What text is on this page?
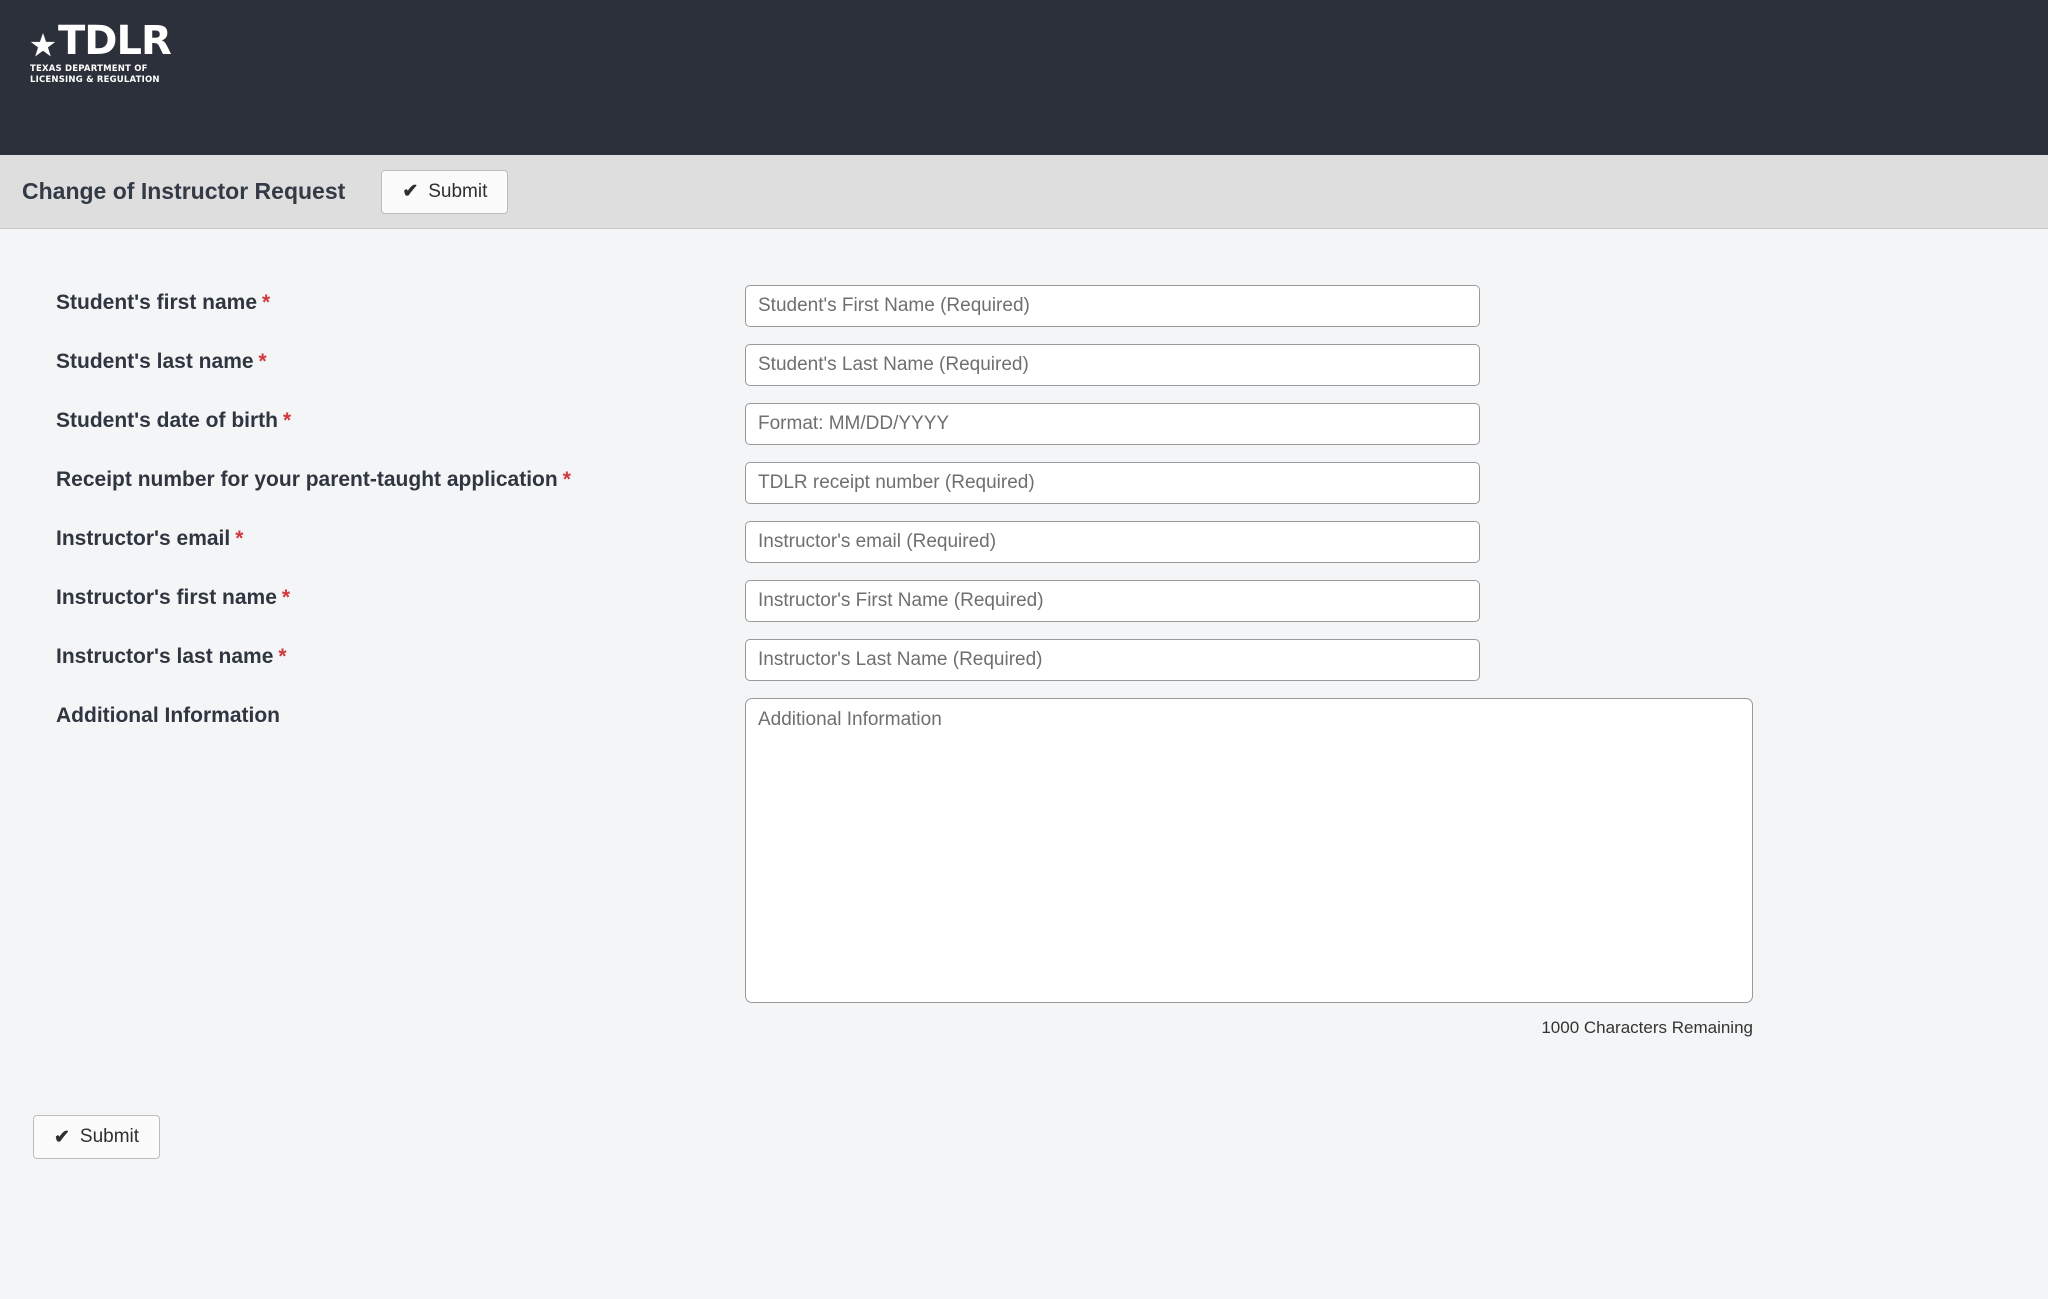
TDLR
TEXAS DEPARTMENT OF
LICENSING & REGULATION
Change of Instructor Request	✔ Submit
Student's first name *
Student's First Name (Required)
Student's last name *
Student's Last Name (Required)
Student's date of birth *
Format: MM/DD/YYYY
Receipt number for your parent-taught application *
TDLR receipt number (Required)
Instructor's email *
Instructor's email (Required)
Instructor's first name *
Instructor's First Name (Required)
Instructor's last name *
Instructor's Last Name (Required)
Additional Information
Additional Information
1000 Characters Remaining
✔ Submit
